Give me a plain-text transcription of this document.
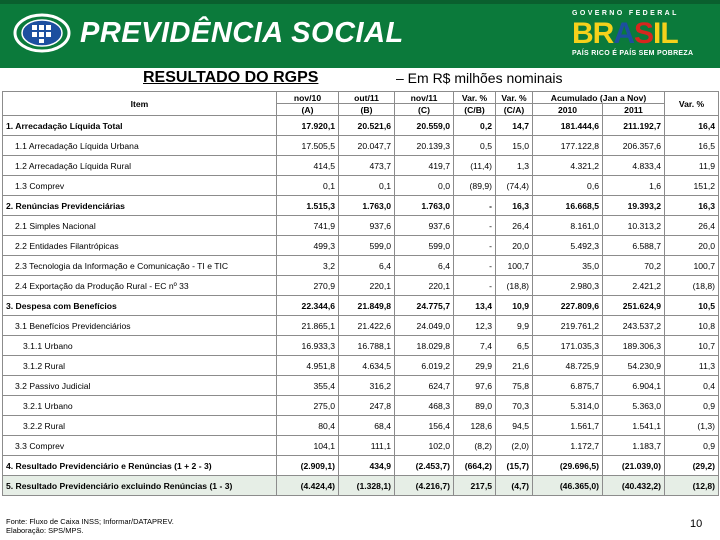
PREVIDÊNCIA SOCIAL
GOVERNO FEDERAL
BRASIL
PAÍS RICO É PAÍS SEM POBREZA
RESULTADO DO RGPS	– Em R$ milhões nominais
Item	nov/10	out/11	nov/11	Var. %	Var. %	Acumulado (Jan a Nov)		Var. %
	(A)	(B)	(C)	(C/B)	(C/A)	2010	2011	
1. Arrecadação Líquida Total	17.920,1	20.521,6	20.559,0	0,2	14,7	181.444,6	211.192,7	16,4
1.1 Arrecadação Líquida Urbana	17.505,5	20.047,7	20.139,3	0,5	15,0	177.122,8	206.357,6	16,5
1.2 Arrecadação Líquida Rural	414,5	473,7	419,7	(11,4)	1,3	4.321,2	4.833,4	11,9
1.3 Comprev	0,1	0,1	0,0	(89,9)	(74,4)	0,6	1,6	151,2
2. Renúncias Previdenciárias	1.515,3	1.763,0	1.763,0	-	16,3	16.668,5	19.393,2	16,3
2.1 Simples Nacional	741,9	937,6	937,6	-	26,4	8.161,0	10.313,2	26,4
2.2 Entidades Filantrópicas	499,3	599,0	599,0	-	20,0	5.492,3	6.588,7	20,0
2.3 Tecnologia da Informação e Comunicação - TI e TIC	3,2	6,4	6,4	-	100,7	35,0	70,2	100,7
2.4 Exportação da Produção Rural - EC nº 33	270,9	220,1	220,1	-	(18,8)	2.980,3	2.421,2	(18,8)
3. Despesa com Benefícios	22.344,6	21.849,8	24.775,7	13,4	10,9	227.809,6	251.624,9	10,5
3.1 Benefícios Previdenciários	21.865,1	21.422,6	24.049,0	12,3	9,9	219.761,2	243.537,2	10,8
3.1.1 Urbano	16.933,3	16.788,1	18.029,8	7,4	6,5	171.035,3	189.306,3	10,7
3.1.2 Rural	4.951,8	4.634,5	6.019,2	29,9	21,6	48.725,9	54.230,9	11,3
3.2 Passivo Judicial	355,4	316,2	624,7	97,6	75,8	6.875,7	6.904,1	0,4
3.2.1 Urbano	275,0	247,8	468,3	89,0	70,3	5.314,0	5.363,0	0,9
3.2.2 Rural	80,4	68,4	156,4	128,6	94,5	1.561,7	1.541,1	(1,3)
3.3 Comprev	104,1	111,1	102,0	(8,2)	(2,0)	1.172,7	1.183,7	0,9
4. Resultado Previdenciário e Renúncias (1 + 2 - 3)	(2.909,1)	434,9	(2.453,7)	(664,2)	(15,7)	(29.696,5)	(21.039,0)	(29,2)
5. Resultado Previdenciário excluindo Renúncias (1 - 3)	(4.424,4)	(1.328,1)	(4.216,7)	217,5	(4,7)	(46.365,0)	(40.432,2)	(12,8)
Fonte: Fluxo de Caixa INSS; Informar/DATAPREV.
Elaboração: SPS/MPS.
10
